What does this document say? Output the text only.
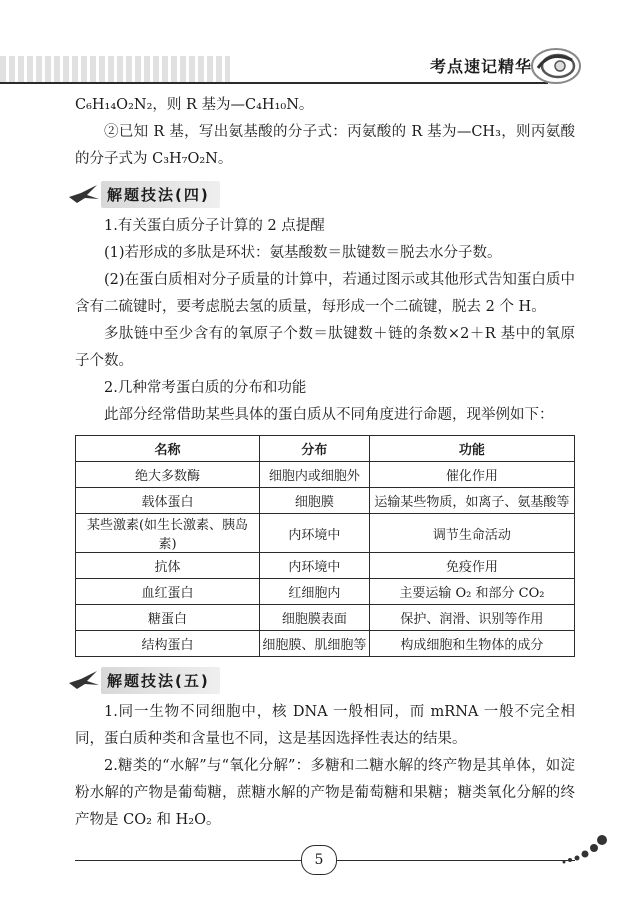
考点速记精华

C₆H₁₄O₂N₂，则 R 基为—C₄H₁₀N。

②已知 R 基，写出氨基酸的分子式：丙氨酸的 R 基为—CH₃，则丙氨酸的分子式为 C₃H₇O₂N。

解题技法(四)

1.有关蛋白质分子计算的 2 点提醒

(1)若形成的多肽是环状：氨基酸数＝肽键数＝脱去水分子数。

(2)在蛋白质相对分子质量的计算中，若通过图示或其他形式告知蛋白质中含有二硫键时，要考虑脱去氢的质量，每形成一个二硫键，脱去 2 个 H。

多肽链中至少含有的氧原子个数＝肽键数＋链的条数×2＋R 基中的氧原子个数。

2.几种常考蛋白质的分布和功能

此部分经常借助某些具体的蛋白质从不同角度进行命题，现举例如下：

名称	分布	功能
绝大多数酶	细胞内或细胞外	催化作用
载体蛋白	细胞膜	运输某些物质，如离子、氨基酸等
某些激素(如生长激素、胰岛素)	内环境中	调节生命活动
抗体	内环境中	免疫作用
血红蛋白	红细胞内	主要运输 O₂ 和部分 CO₂
糖蛋白	细胞膜表面	保护、润滑、识别等作用
结构蛋白	细胞膜、肌细胞等	构成细胞和生物体的成分
解题技法(五)

1.同一生物不同细胞中，核 DNA 一般相同，而 mRNA 一般不完全相同，蛋白质种类和含量也不同，这是基因选择性表达的结果。

2.糖类的“水解”与“氧化分解”：多糖和二糖水解的终产物是其单体，如淀粉水解的产物是葡萄糖，蔗糖水解的产物是葡萄糖和果糖；糖类氧化分解的终产物是 CO₂ 和 H₂O。

5
